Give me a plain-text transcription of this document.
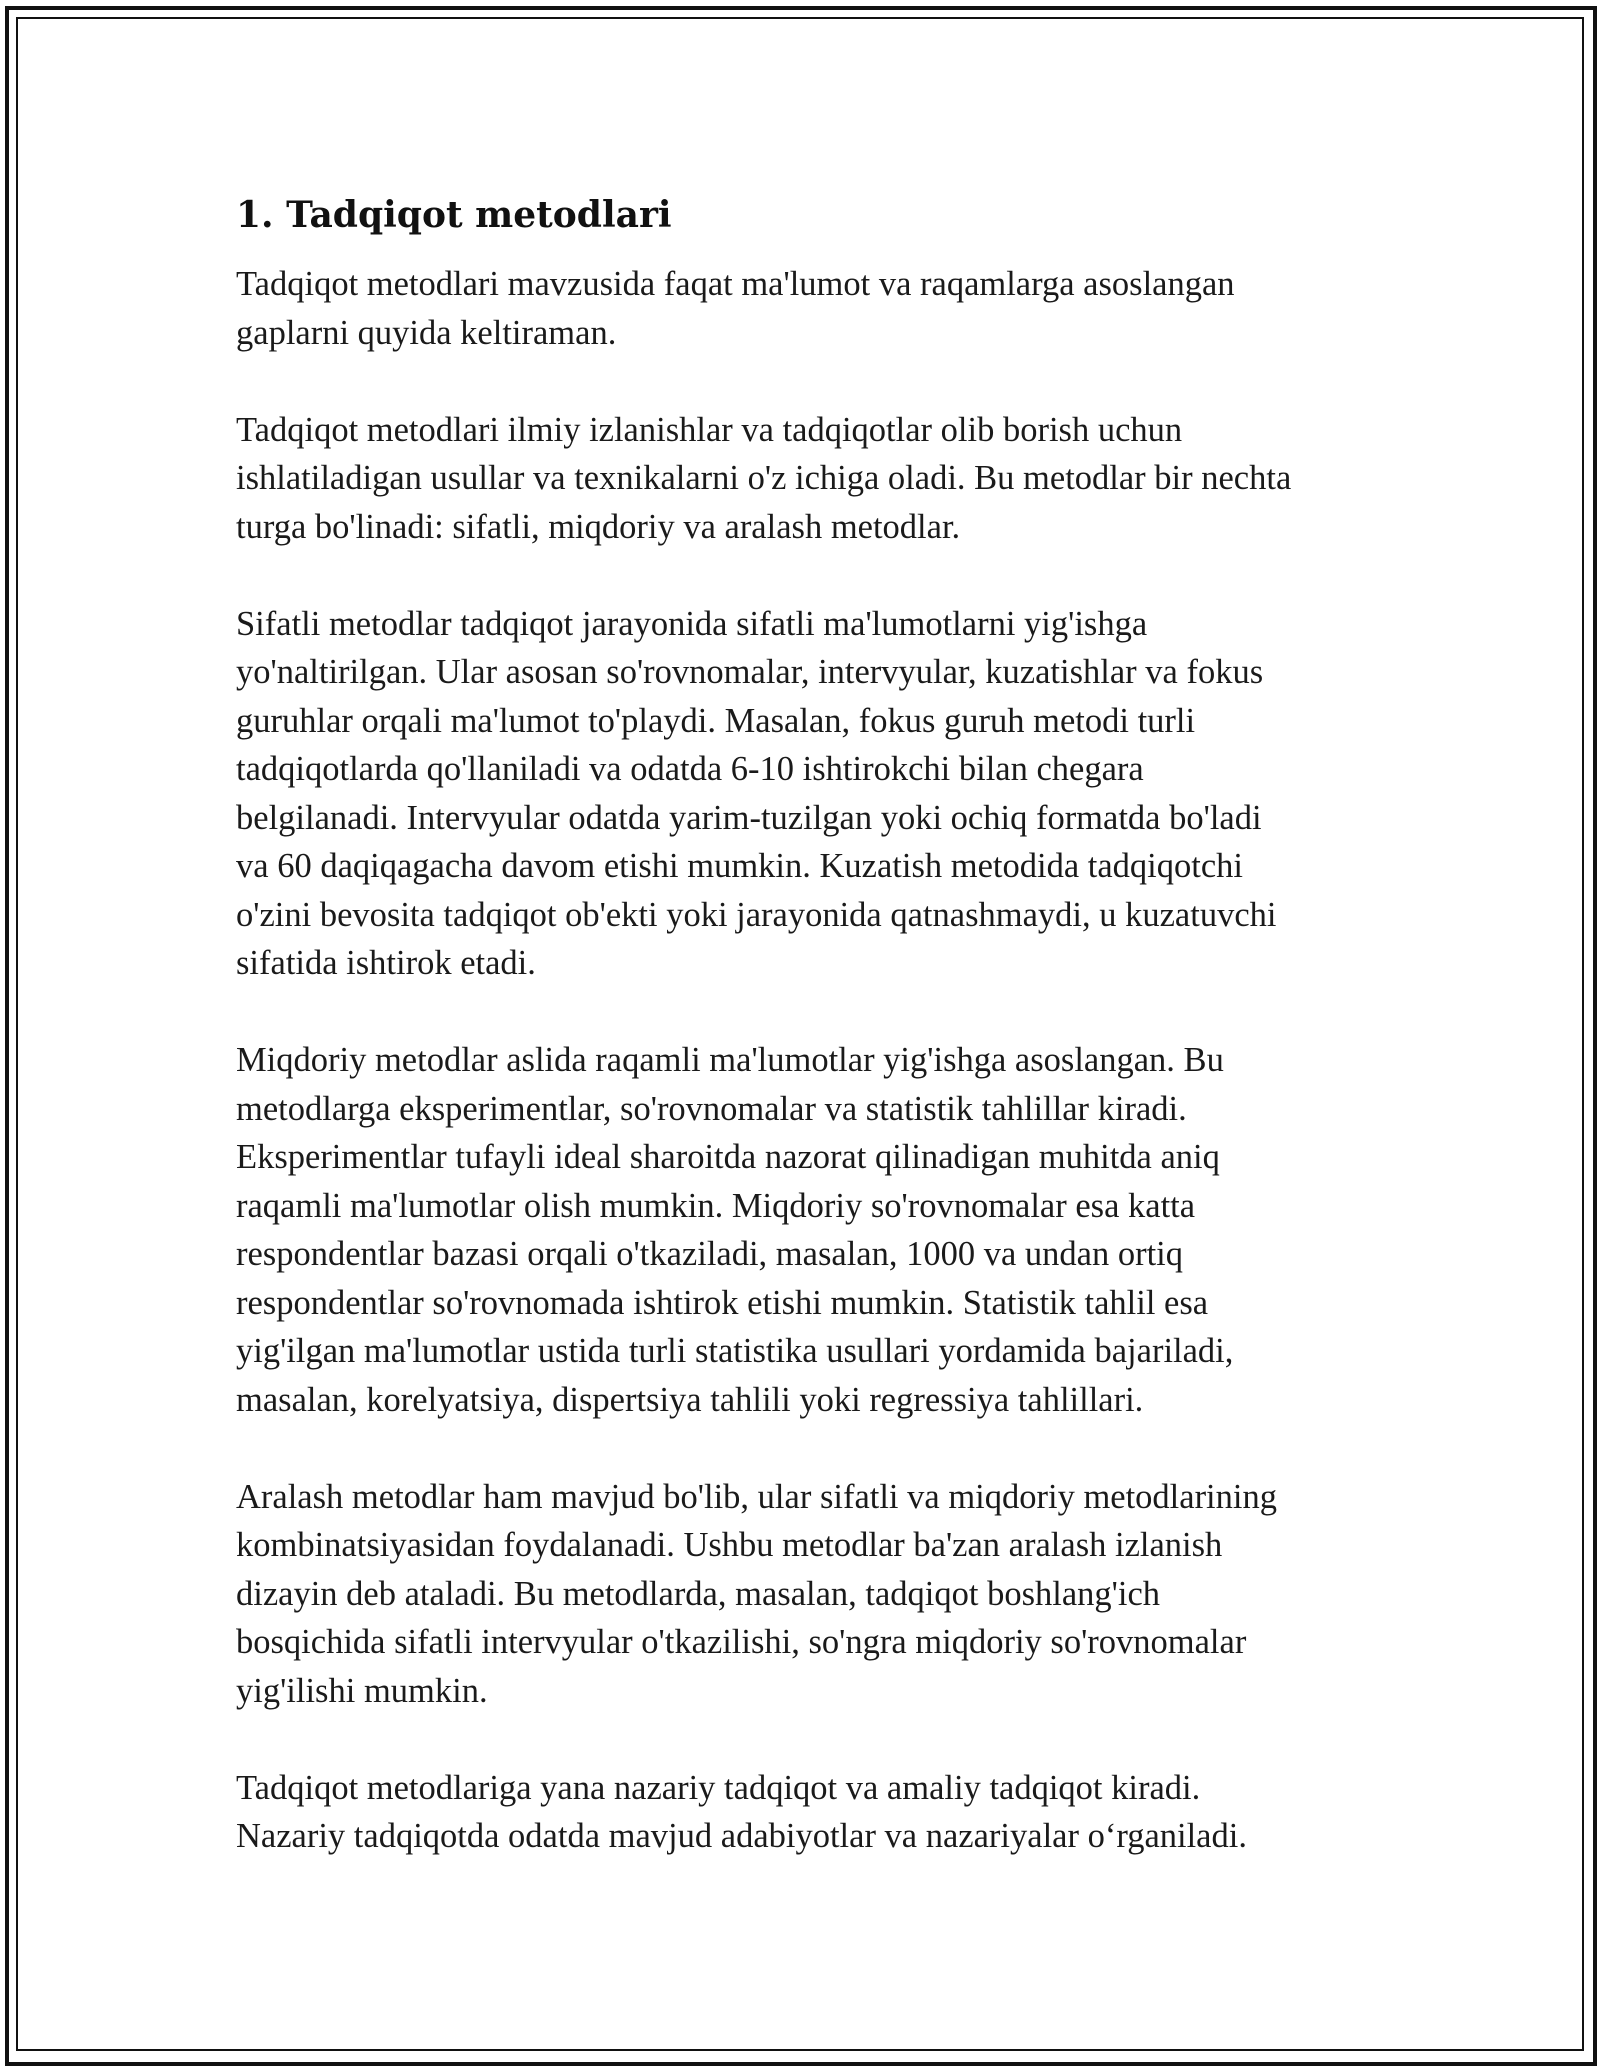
1. Tadqiqot metodlari
Tadqiqot metodlari mavzusida faqat ma'lumot va raqamlarga asoslangan
gaplarni quyida keltiraman.
Tadqiqot metodlari ilmiy izlanishlar va tadqiqotlar olib borish uchun
ishlatiladigan usullar va texnikalarni o'z ichiga oladi. Bu metodlar bir nechta
turga bo'linadi: sifatli, miqdoriy va aralash metodlar.
Sifatli metodlar tadqiqot jarayonida sifatli ma'lumotlarni yig'ishga
yo'naltirilgan. Ular asosan so'rovnomalar, intervyular, kuzatishlar va fokus
guruhlar orqali ma'lumot to'playdi. Masalan, fokus guruh metodi turli
tadqiqotlarda qo'llaniladi va odatda 6-10 ishtirokchi bilan chegara
belgilanadi. Intervyular odatda yarim-tuzilgan yoki ochiq formatda bo'ladi
va 60 daqiqagacha davom etishi mumkin. Kuzatish metodida tadqiqotchi
o'zini bevosita tadqiqot ob'ekti yoki jarayonida qatnashmaydi, u kuzatuvchi
sifatida ishtirok etadi.
Miqdoriy metodlar aslida raqamli ma'lumotlar yig'ishga asoslangan. Bu
metodlarga eksperimentlar, so'rovnomalar va statistik tahlillar kiradi.
Eksperimentlar tufayli ideal sharoitda nazorat qilinadigan muhitda aniq
raqamli ma'lumotlar olish mumkin. Miqdoriy so'rovnomalar esa katta
respondentlar bazasi orqali o'tkaziladi, masalan, 1000 va undan ortiq
respondentlar so'rovnomada ishtirok etishi mumkin. Statistik tahlil esa
yig'ilgan ma'lumotlar ustida turli statistika usullari yordamida bajariladi,
masalan, korelyatsiya, dispertsiya tahlili yoki regressiya tahlillari.
Aralash metodlar ham mavjud bo'lib, ular sifatli va miqdoriy metodlarining
kombinatsiyasidan foydalanadi. Ushbu metodlar ba'zan aralash izlanish
dizayin deb ataladi. Bu metodlarda, masalan, tadqiqot boshlang'ich
bosqichida sifatli intervyular o'tkazilishi, so'ngra miqdoriy so'rovnomalar
yig'ilishi mumkin.
Tadqiqot metodlariga yana nazariy tadqiqot va amaliy tadqiqot kiradi.
Nazariy tadqiqotda odatda mavjud adabiyotlar va nazariyalar o‘rganiladi.
